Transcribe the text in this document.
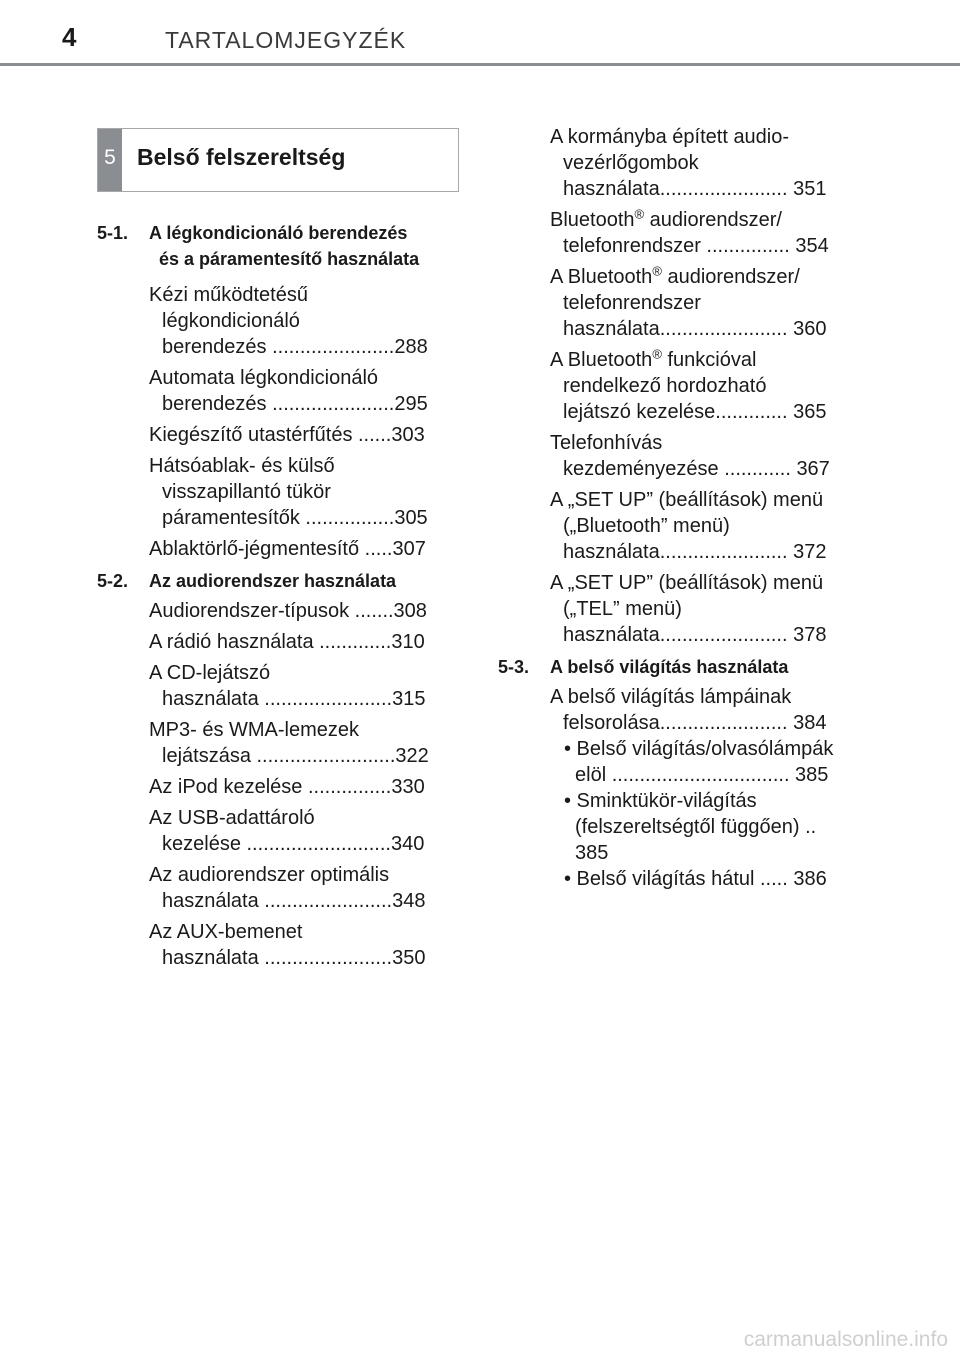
4	TARTALOMJEGYZÉK
5 Belső felszereltség
5-1. A légkondicionáló berendezés
és a páramentesítő használata
Kézi működtetésű
légkondicionáló
berendezés ......................288
Automata légkondicionáló
berendezés ......................295
Kiegészítő utastérfűtés ......303
Hátsóablak- és külső
visszapillantó tükör
páramentesítők ................305
Ablaktörlő-jégmentesítő .....307
5-2. Az audiorendszer használata
Audiorendszer-típusok .......308
A rádió használata .............310
A CD-lejátszó
használata .......................315
MP3- és WMA-lemezek
lejátszása .........................322
Az iPod kezelése ...............330
Az USB-adattároló
kezelése ..........................340
Az audiorendszer optimális
használata .......................348
Az AUX-bemenet
használata .......................350
A kormányba épített audio-
vezérlőgombok
használata....................... 351
Bluetooth® audiorendszer/
telefonrendszer ............... 354
A Bluetooth® audiorendszer/
telefonrendszer
használata....................... 360
A Bluetooth® funkcióval
rendelkező hordozható
lejátszó kezelése............. 365
Telefonhívás
kezdeményezése ............ 367
A „SET UP” (beállítások) menü
(„Bluetooth” menü)
használata....................... 372
A „SET UP” (beállítások) menü
(„TEL” menü)
használata....................... 378
5-3. A belső világítás használata
A belső világítás lámpáinak
felsorolása....................... 384
• Belső világítás/olvasólámpák
elöl ................................ 385
• Sminktükör-világítás
(felszereltségtől függően) ..
385
• Belső világítás hátul ..... 386
carmanualsonline.info
